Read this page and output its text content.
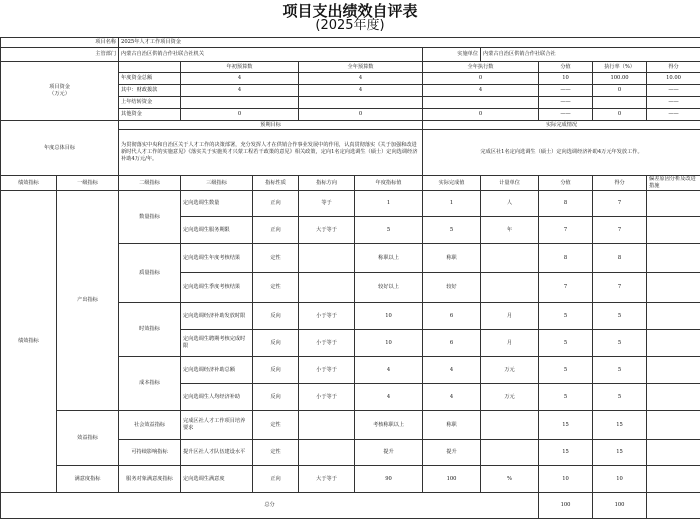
项目支出绩效自评表
(2025年度)
项目名称		2025年人才工作项目资金									
主管部门		内蒙古自治区供销合作社联合社机关					实施单位	内蒙古自治区供销合作社联合社			
项目资金
（万元）			年初预算数		全年预算数		全年执行数		分值	执行率（%）	得分
		年度资金总额	4		4		0		10	100.00	10.00
		其中：财政拨款	4		4		4		——	0	——
		上年结转资金							——		——
		其他资金	0		0		0		——	0	——
年度总体目标		预期目标					实际完成情况				
		为贯彻落实中央和自治区关于人才工作的决策部署，充分发挥人才在供销合作事业发展中的作用，认真贯彻落实《关于加强和改进新时代人才工作的实施意见》《落实关于实施英才兴蒙工程若干政策的意见》相关政策，定向1名定向选调生（硕士）定向选调经济补助4万元/年。					完成区社1名定向选调生（硕士）定向选调经济补助4万元年发放工作。				
绩效指标	一级指标	二级指标	三级指标	指标性质	指标方向	年度指标值	实际完成值	计量单位	分值	得分	偏差原因分析及改进措施
绩效指标	产出指标	数量指标	定向选调生数量	正向	等于	1	1	人	8	7	
			定向选调生服务期限	正向	大于等于	5	5	年	7	7	
		质量指标	定向选调生年度考核结果	定性		称职以上	称职		8	8	
			定向选调生季度考核结果	定性		较好以上	较好		7	7	
		时效指标	定向选调经济补助发放时限	反向	小于等于	10	6	月	5	5	
			定向选调生聘期考核完成时限	反向	小于等于	10	6	月	5	5	
		成本指标	定向选调经济补助总额	反向	小于等于	4	4	万元	5	5	
			定向选调生人均经济补助	反向	小于等于	4	4	万元	5	5	
	效益指标	社会效益指标	完成区社人才工作项目培养要求	定性		考核称职以上	称职		15	15	
		可持续影响指标	提升区社人才队伍建设水平	定性		提升	提升		15	15	
	满意度指标	服务对象满意度指标	定向选调生满意度	正向	大于等于	90	100	%	10	10	
总分									100	100	
